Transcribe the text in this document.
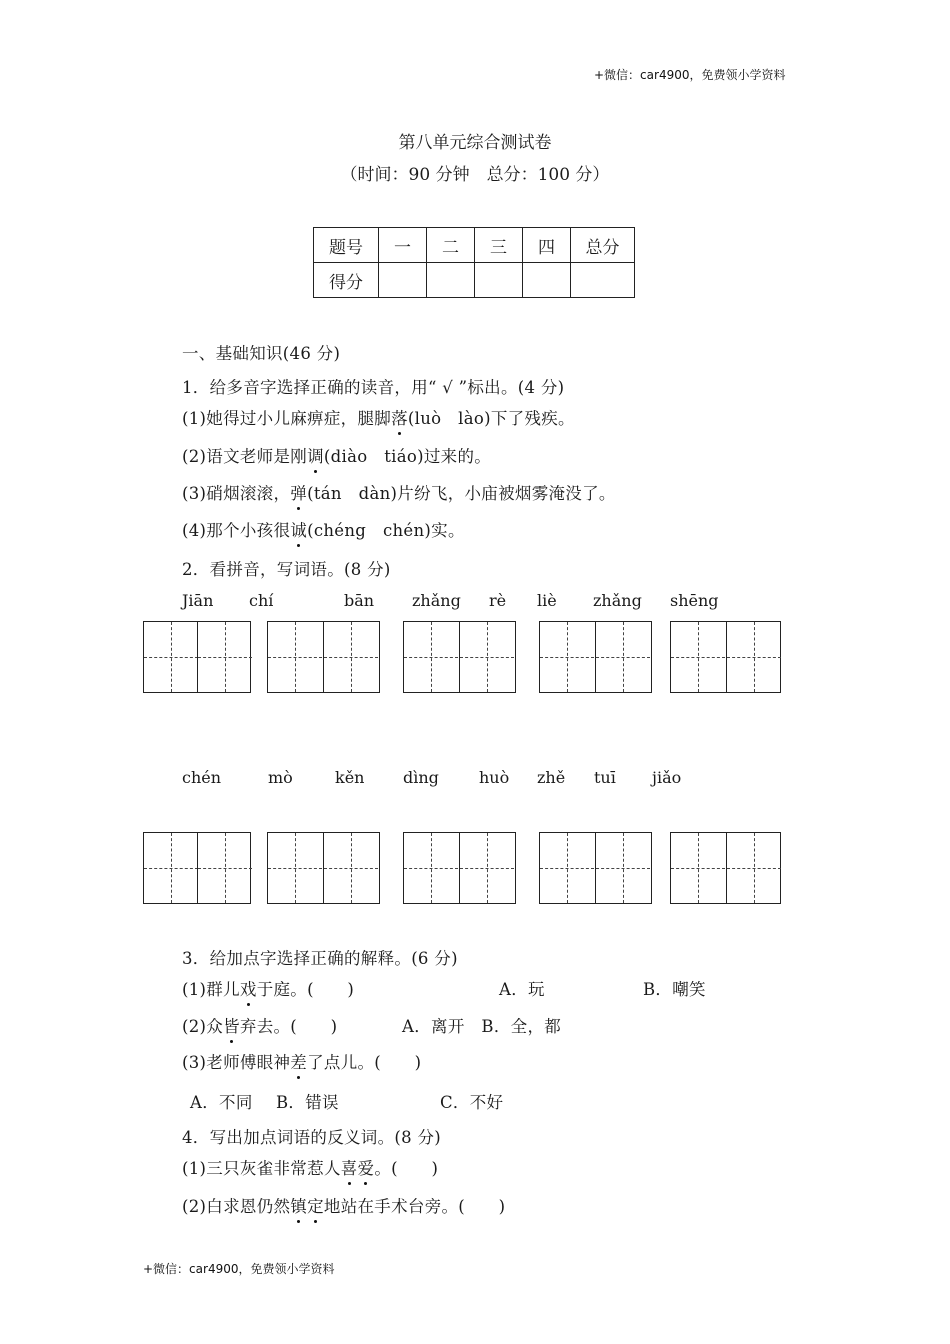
+微信：car4900，免费领小学资料
第八单元综合测试卷
（时间：90 分钟　总分：100 分）
题号	一	二	三	四	总分
得分					
一、基础知识(46 分)
1．给多音字选择正确的读音，用“ √ ”标出。(4 分)
(1)她得过小儿麻痹症，腿脚落(luò　lào)下了残疾。
(2)语文老师是刚调(diào　tiáo)过来的。
(3)硝烟滚滚，弹(tán　dàn)片纷飞，小庙被烟雾淹没了。
(4)那个小孩很诚(chéng　chén)实。
2．看拼音，写词语。(8 分)
Jiān chí	bān zhǎng rè liè zhǎng shēng
chén	mò	kěn dìng	huò zhě tuī jiǎo
3．给加点字选择正确的解释。(6 分)
(1)群儿戏于庭。(　　)	A．玩	B．嘲笑
(2)众皆弃去。(　　)	A．离开　B．全，都
(3)老师傅眼神差了点儿。(　　)
A．不同 B．错误	C．不好
4．写出加点词语的反义词。(8 分)
(1)三只灰雀非常惹人喜爱。(　　)
(2)白求恩仍然镇定地站在手术台旁。(　　)
+微信：car4900，免费领小学资料
